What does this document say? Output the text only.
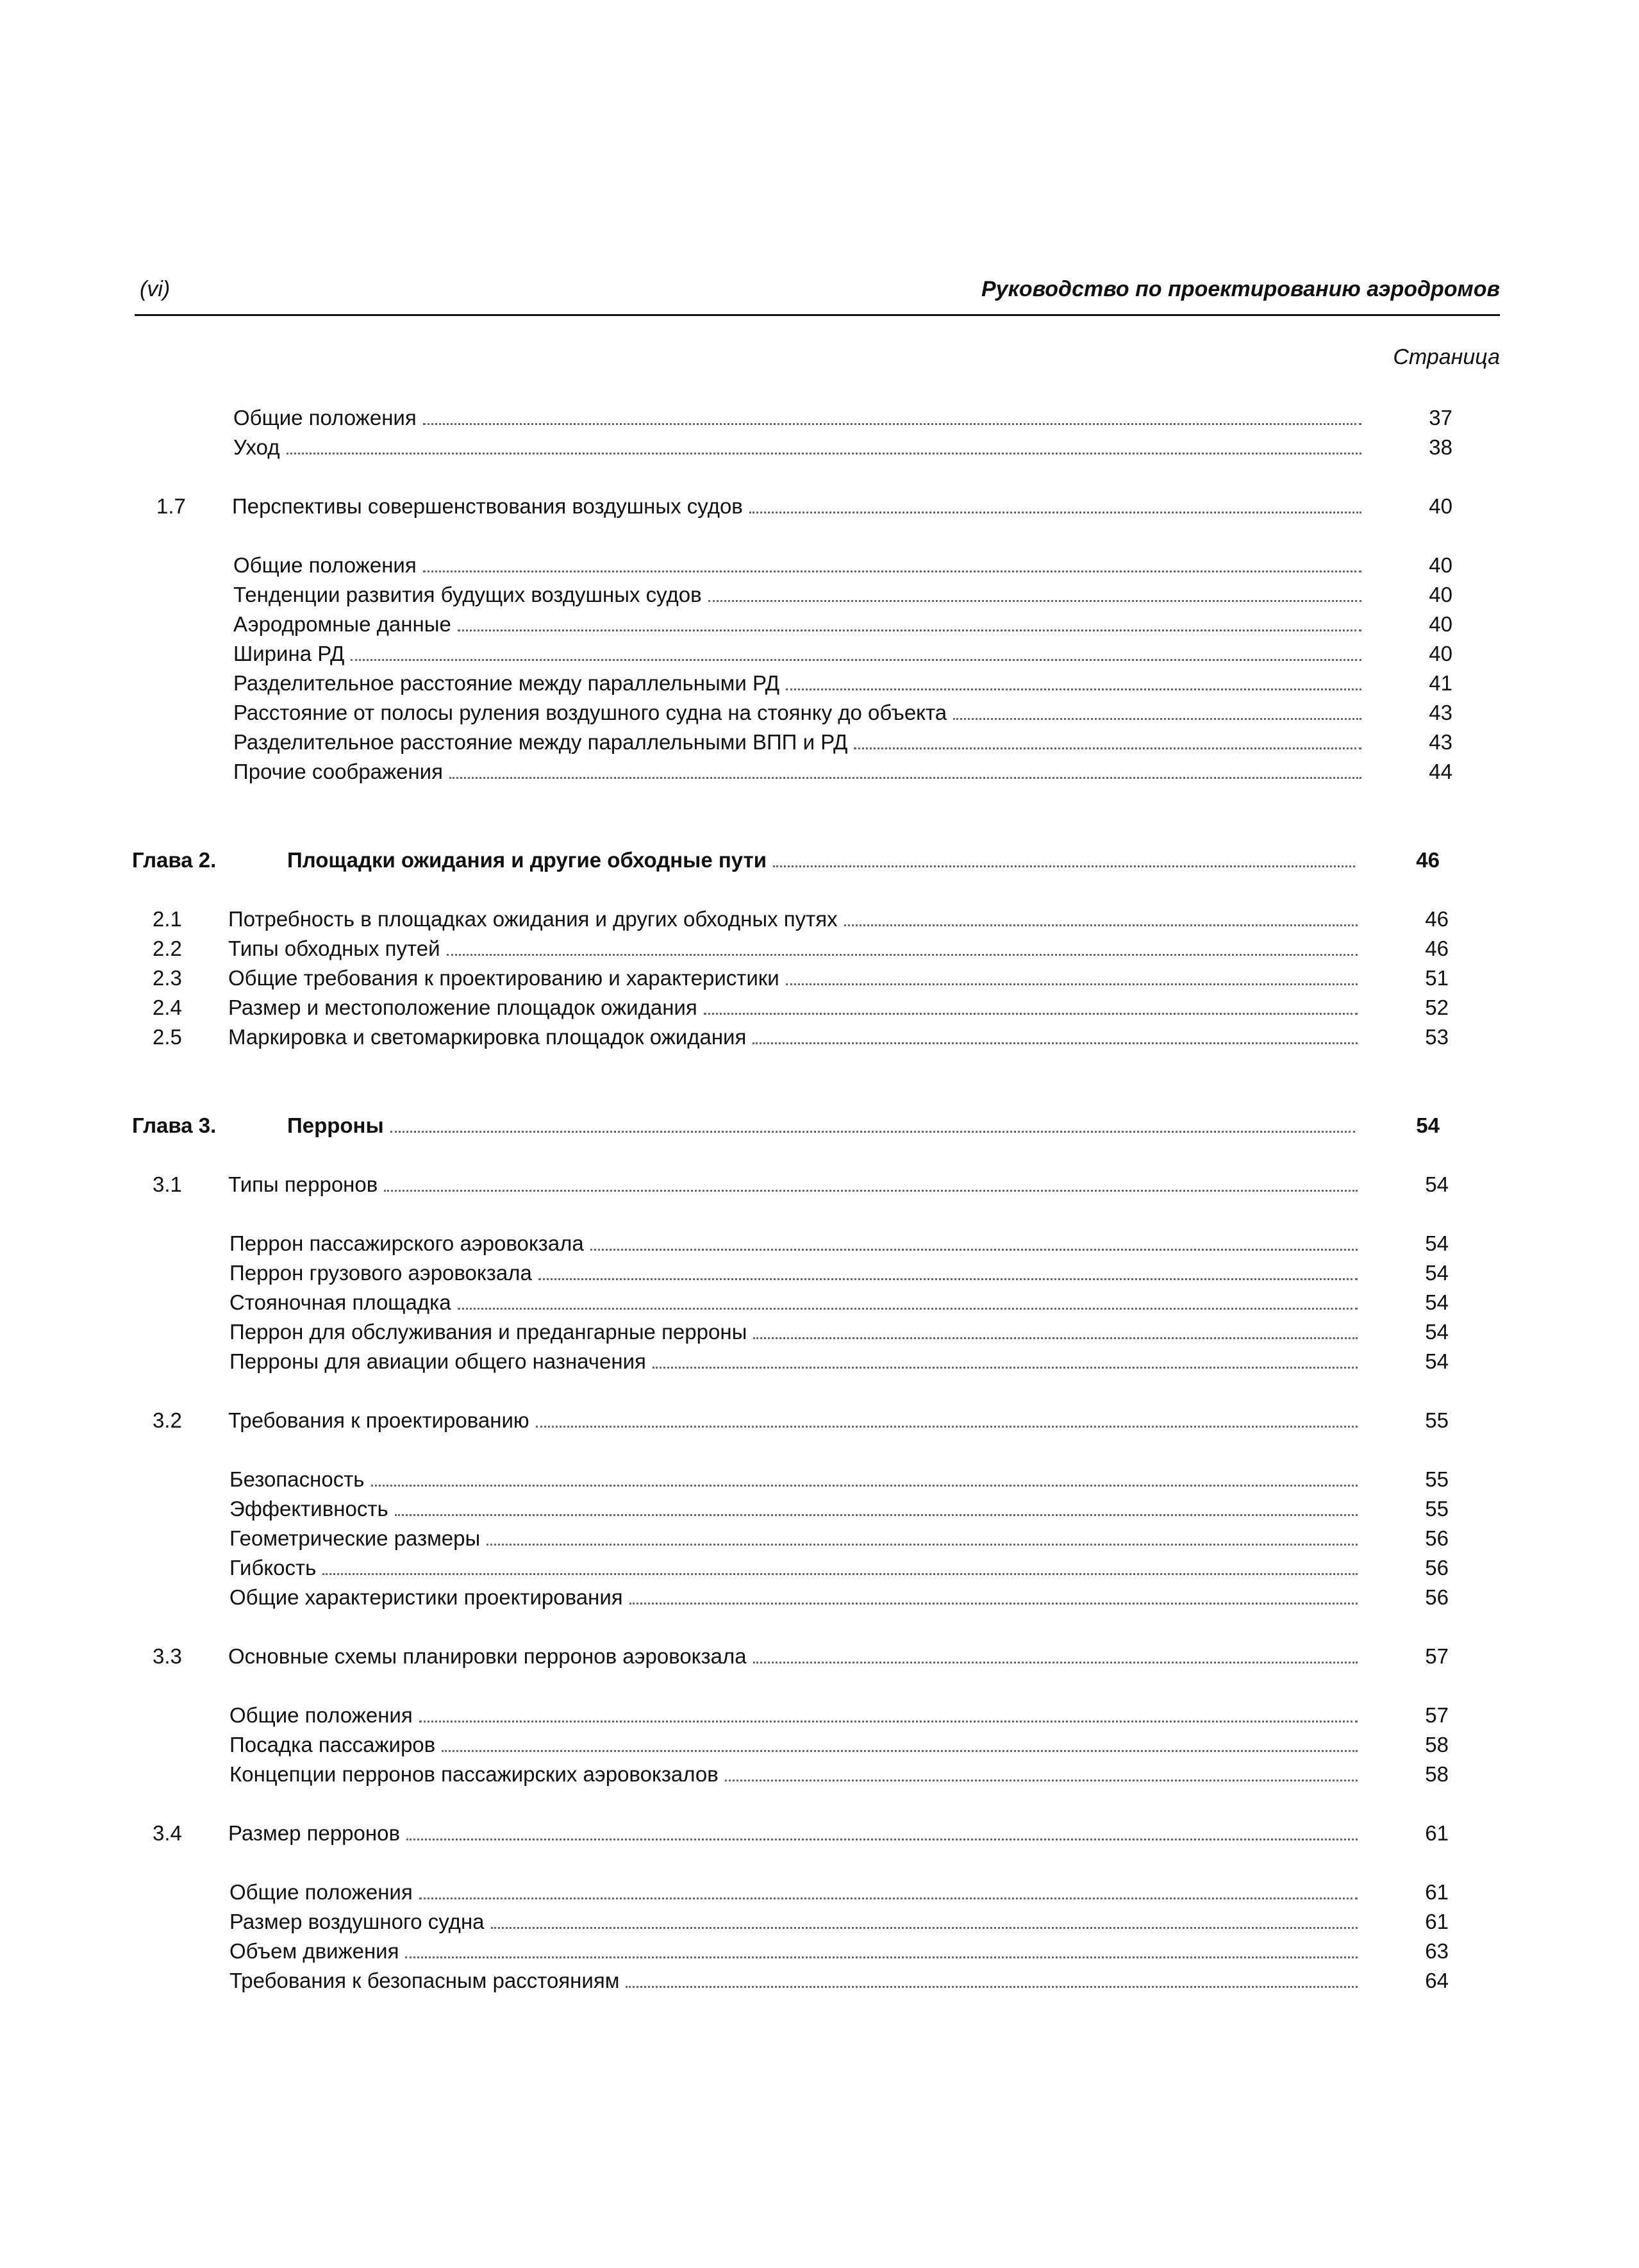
(vi)	Руководство по проектированию аэродромов
Страница
Общие положения	37
Уход	38
1.7 Перспективы совершенствования воздушных судов	40
Общие положения	40
Тенденции развития будущих воздушных судов	40
Аэродромные данные	40
Ширина РД	40
Разделительное расстояние между параллельными РД	41
Расстояние от полосы руления воздушного судна на стоянку до объекта	43
Разделительное расстояние между параллельными ВПП и РД	43
Прочие соображения	44
Глава 2.	Площадки ожидания и другие обходные пути	46
2.1 Потребность в площадках ожидания и других обходных путях	46
2.2 Типы обходных путей	46
2.3 Общие требования к проектированию и характеристики	51
2.4 Размер и местоположение площадок ожидания	52
2.5 Маркировка и светомаркировка площадок ожидания	53
Глава 3.	Перроны	54
3.1 Типы перронов	54
Перрон пассажирского аэровокзала	54
Перрон грузового аэровокзала	54
Стояночная площадка	54
Перрон для обслуживания и предангарные перроны	54
Перроны для авиации общего назначения	54
3.2 Требования к проектированию	55
Безопасность	55
Эффективность	55
Геометрические размеры	56
Гибкость	56
Общие характеристики проектирования	56
3.3 Основные схемы планировки перронов аэровокзала	57
Общие положения	57
Посадка пассажиров	58
Концепции перронов пассажирских аэровокзалов	58
3.4 Размер перронов	61
Общие положения	61
Размер воздушного судна	61
Объем движения	63
Требования к безопасным расстояниям	64
